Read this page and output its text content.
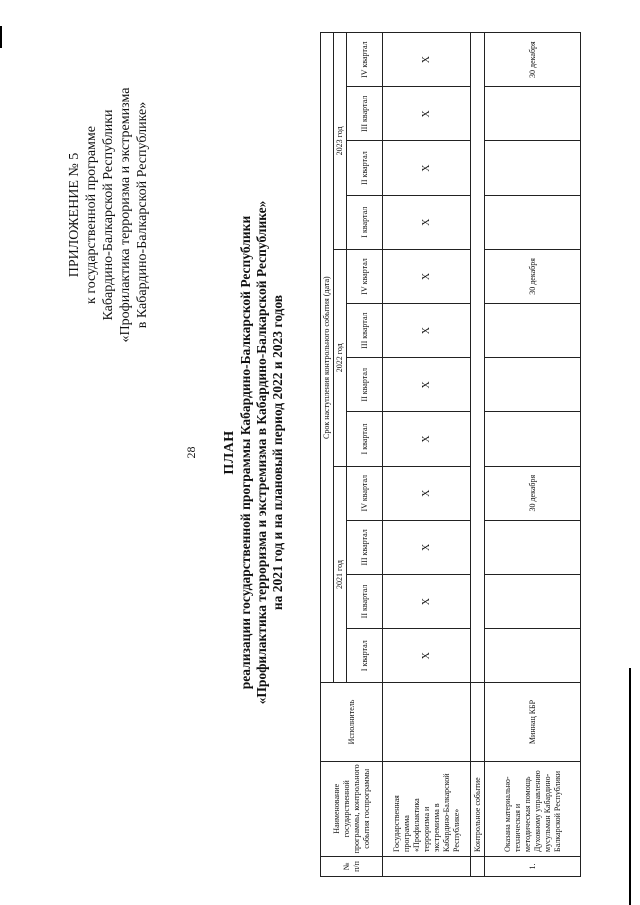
28
ПРИЛОЖЕНИЕ № 5 к государственной программе Кабардино-Балкарской Республики «Профилактика терроризма и экстремизма в Кабардино-Балкарской Республике»
ПЛАН реализации государственной программы Кабардино-Балкарской Республики «Профилактика терроризма и экстремизма в Кабардино-Балкарской Республике» на 2021 год и на плановый период 2022 и 2023 годов
№
п/п	Наименование государственной программы, контрольного события госпрограммы	Исполнитель	Срок наступления контрольного события (дата)											
			2021 год				2022 год				2023 год			
			I квартал	II квартал	III квартал	IV квартал	I квартал	II квартал	III квартал	IV квартал	I квартал	II квартал	III квартал	IV квартал
	Государственная программа «Профилактика терроризма и экстремизма в Кабардино-Балкарской Республике»		X	X	X	X	X	X	X	X	X	X	X	X
	Контрольное событие													
1.	Оказана материально-техническая и методическая помощь Духовному управлению мусульман Кабардино-Балкарской Республики	Миннац КБР				30 декабря				30 декабря				30 декабря
